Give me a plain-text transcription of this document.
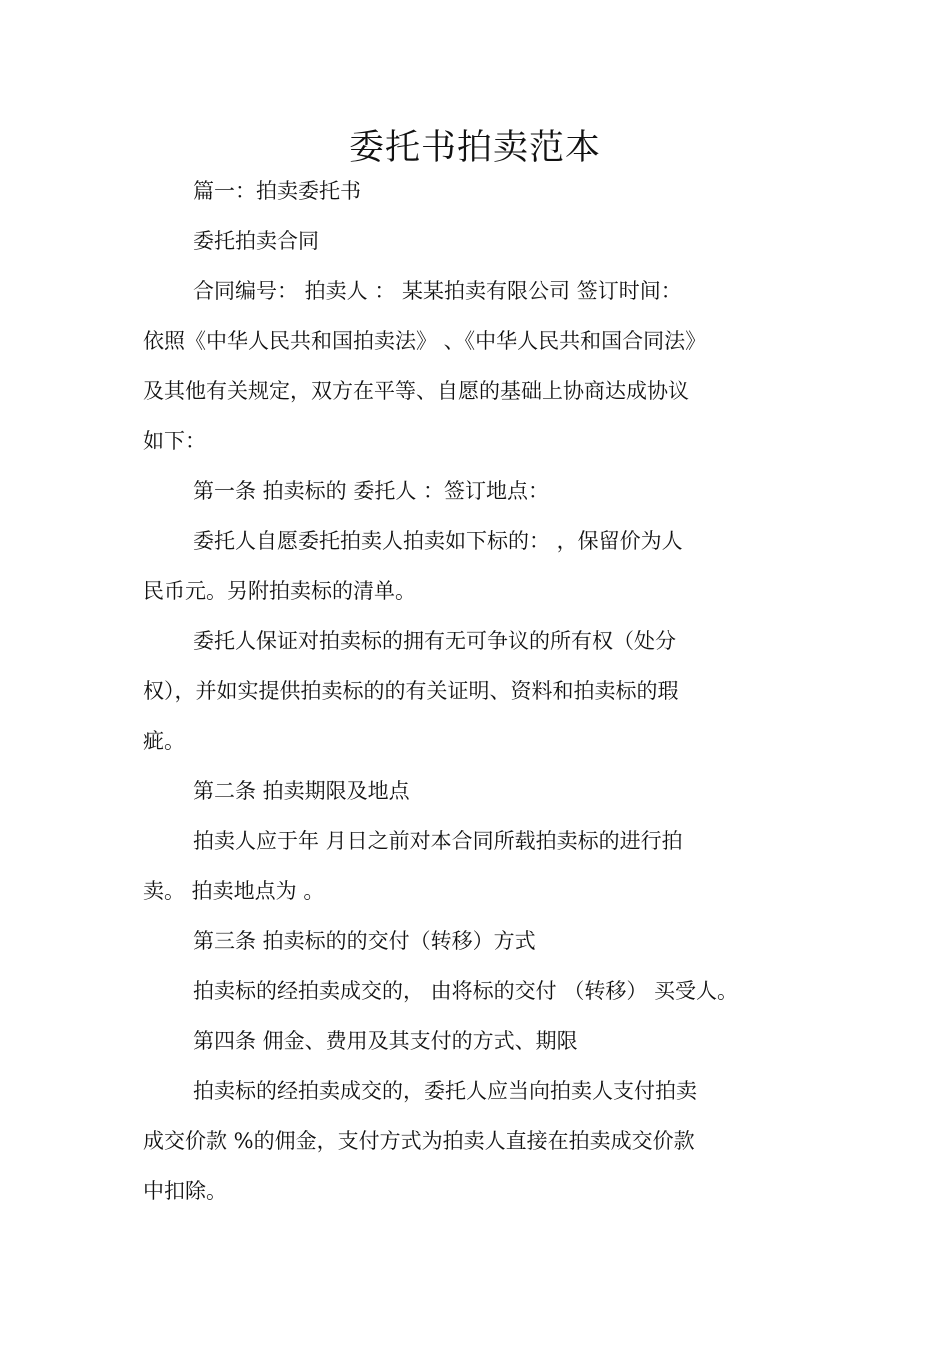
委托书拍卖范本
篇一：拍卖委托书
委托拍卖合同
合同编号： 拍卖人 ： 某某拍卖有限公司 签订时间：
依照《中华人民共和国拍卖法》 、《中华人民共和国合同法》
及其他有关规定，双方在平等、自愿的基础上协商达成协议
如下：
第一条 拍卖标的 委托人 ：签订地点：
委托人自愿委托拍卖人拍卖如下标的： ，保留价为人
民币元。另附拍卖标的清单。
委托人保证对拍卖标的拥有无可争议的所有权（处分
权），并如实提供拍卖标的的有关证明、资料和拍卖标的瑕
疵。
第二条 拍卖期限及地点
拍卖人应于年 月日之前对本合同所载拍卖标的进行拍
卖。 拍卖地点为 。
第三条 拍卖标的的交付（转移）方式
拍卖标的经拍卖成交的， 由将标的交付 （转移） 买受人。
第四条 佣金、费用及其支付的方式、期限
拍卖标的经拍卖成交的，委托人应当向拍卖人支付拍卖
成交价款 %的佣金，支付方式为拍卖人直接在拍卖成交价款
中扣除。
